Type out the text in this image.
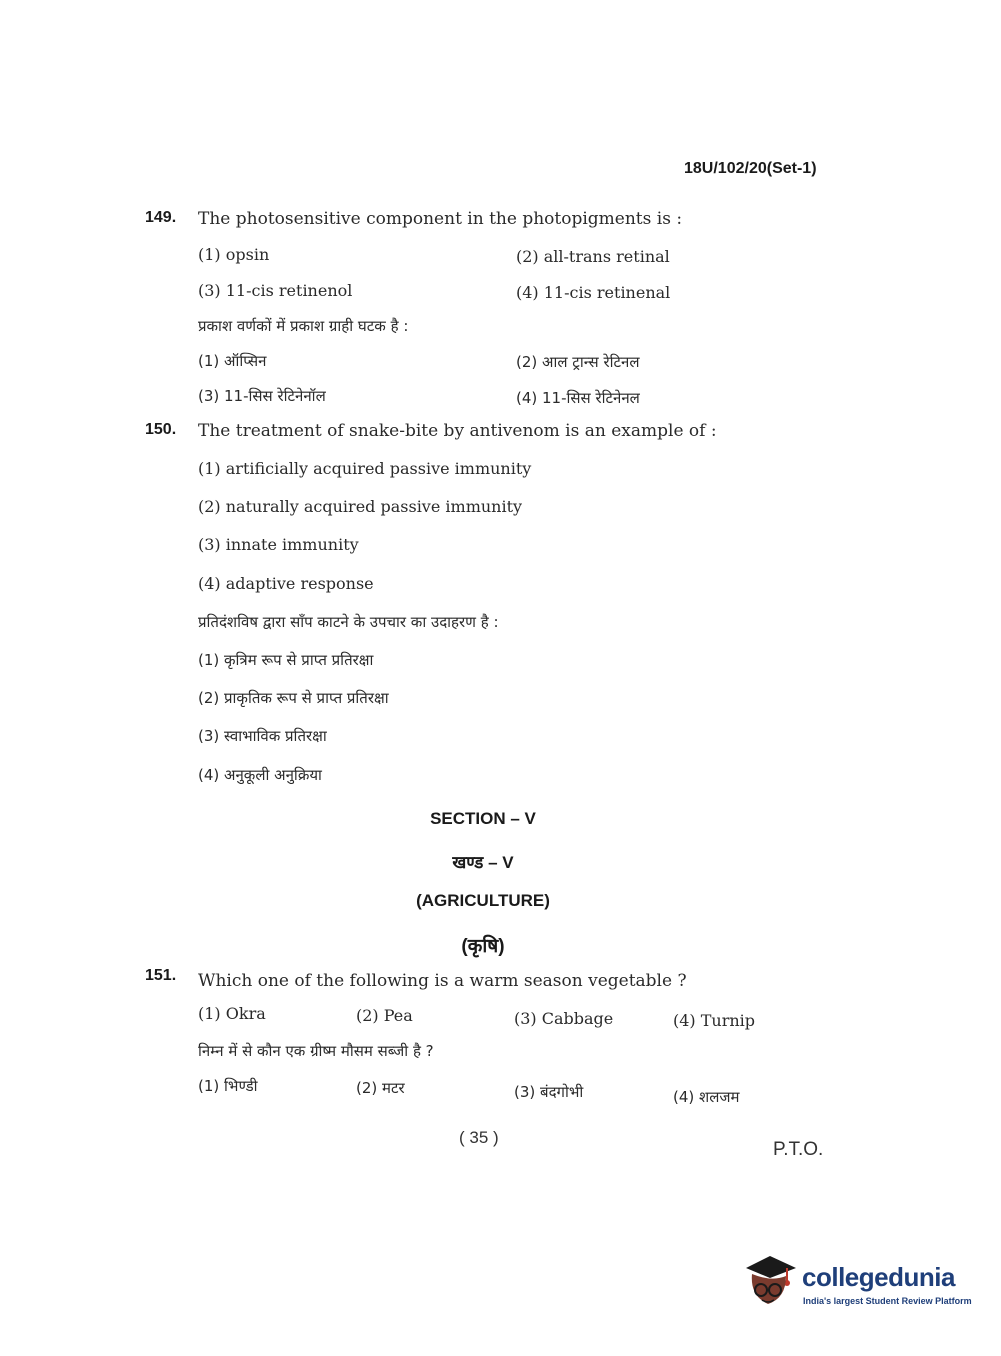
18U/102/20(Set-1)
149. The photosensitive component in the photopigments is :
(1) opsin	(2) all-trans retinal
(3) 11-cis retinenol	(4) 11-cis retinenal
प्रकाश वर्णकों में प्रकाश ग्राही घटक है :
(1) ऑप्सिन	(2) आल ट्रान्स रेटिनल
(3) 11-सिस रेटिनेनॉल	(4) 11-सिस रेटिनेनल
150. The treatment of snake-bite by antivenom is an example of :
(1) artificially acquired passive immunity
(2) naturally acquired passive immunity
(3) innate immunity
(4) adaptive response
प्रतिदंशविष द्वारा साँप काटने के उपचार का उदाहरण है :
(1) कृत्रिम रूप से प्राप्त प्रतिरक्षा
(2) प्राकृतिक रूप से प्राप्त प्रतिरक्षा
(3) स्वाभाविक प्रतिरक्षा
(4) अनुकूली अनुक्रिया
SECTION – V
खण्ड – V
(AGRICULTURE)
(कृषि)
151. Which one of the following is a warm season vegetable ?
(1) Okra	(2) Pea	(3) Cabbage	(4) Turnip
निम्न में से कौन एक ग्रीष्म मौसम सब्जी है ?
(1) भिण्डी	(2) मटर	(3) बंदगोभी	(4) शलजम
( 35 )
P.T.O.
collegedunia
India's largest Student Review Platform
